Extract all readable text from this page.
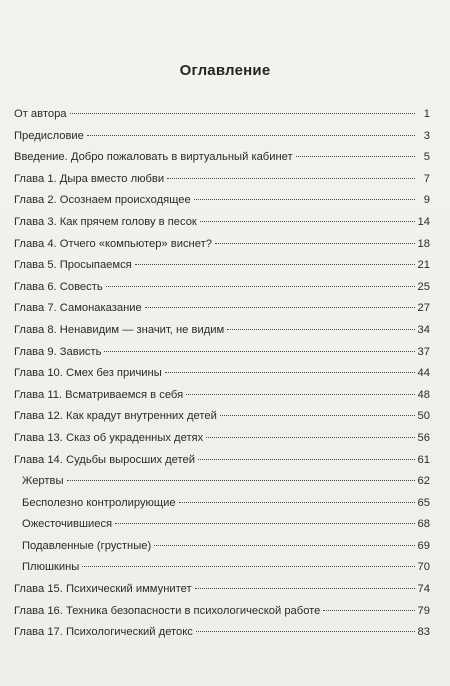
Оглавление
От автора	1
Предисловие	3
Введение. Добро пожаловать в виртуальный кабинет	5
Глава 1. Дыра вместо любви	7
Глава 2. Осознаем происходящее	9
Глава 3. Как прячем голову в песок	14
Глава 4. Отчего «компьютер» виснет?	18
Глава 5. Просыпаемся	21
Глава 6. Совесть	25
Глава 7. Самонаказание	27
Глава 8. Ненавидим — значит, не видим	34
Глава 9. Зависть	37
Глава 10. Смех без причины	44
Глава 11. Всматриваемся в себя	48
Глава 12. Как крадут внутренних детей	50
Глава 13. Сказ об украденных детях	56
Глава 14. Судьбы выросших детей	61
Жертвы	62
Бесполезно контролирующие	65
Ожесточившиеся	68
Подавленные (грустные)	69
Плюшкины	70
Глава 15. Психический иммунитет	74
Глава 16. Техника безопасности в психологической работе	79
Глава 17. Психологический детокс	83
